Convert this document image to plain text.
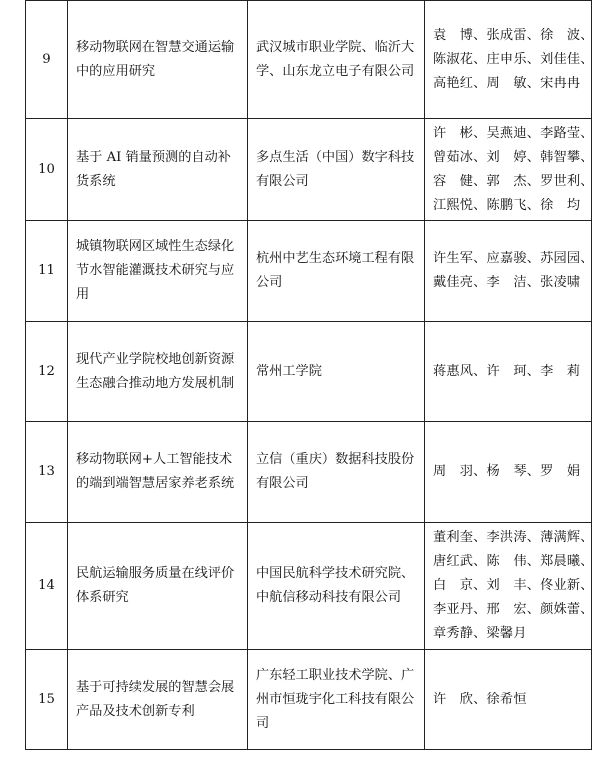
9	移动物联网在智慧交通运输中的应用研究	武汉城市职业学院、临沂大学、山东龙立电子有限公司	袁　博、张成雷、徐　波、
陈淑花、庄申乐、刘佳佳、
高艳红、周　敏、宋冉冉

10	基于 AI 销量预测的自动补货系统	多点生活（中国）数字科技有限公司	许　彬、吴燕迪、李路莹、
曾茹冰、刘　婷、韩智攀、
容　健、郭　杰、罗世利、
江熙悦、陈鹏飞、徐　均

11	城镇物联网区域性生态绿化节水智能灌溉技术研究与应用	杭州中艺生态环境工程有限公司	许生军、应嘉骏、苏园园、
戴佳亮、李　洁、张凌啸

12	现代产业学院校地创新资源生态融合推动地方发展机制	常州工学院	蒋惠风、许　珂、李　莉

13	移动物联网+人工智能技术的端到端智慧居家养老系统	立信（重庆）数据科技股份有限公司	周　羽、杨　琴、罗　娟

14	民航运输服务质量在线评价体系研究	中国民航科学技术研究院、中航信移动科技有限公司	董利奎、李洪涛、薄满辉、
唐红武、陈　伟、郑晨曦、
白　京、刘　丰、佟业新、
李亚丹、邢　宏、颜姝蕾、
章秀静、梁馨月

15	基于可持续发展的智慧会展产品及技术创新专利	广东轻工职业技术学院、广州市恒珑宇化工科技有限公司	许　欣、徐希恒
